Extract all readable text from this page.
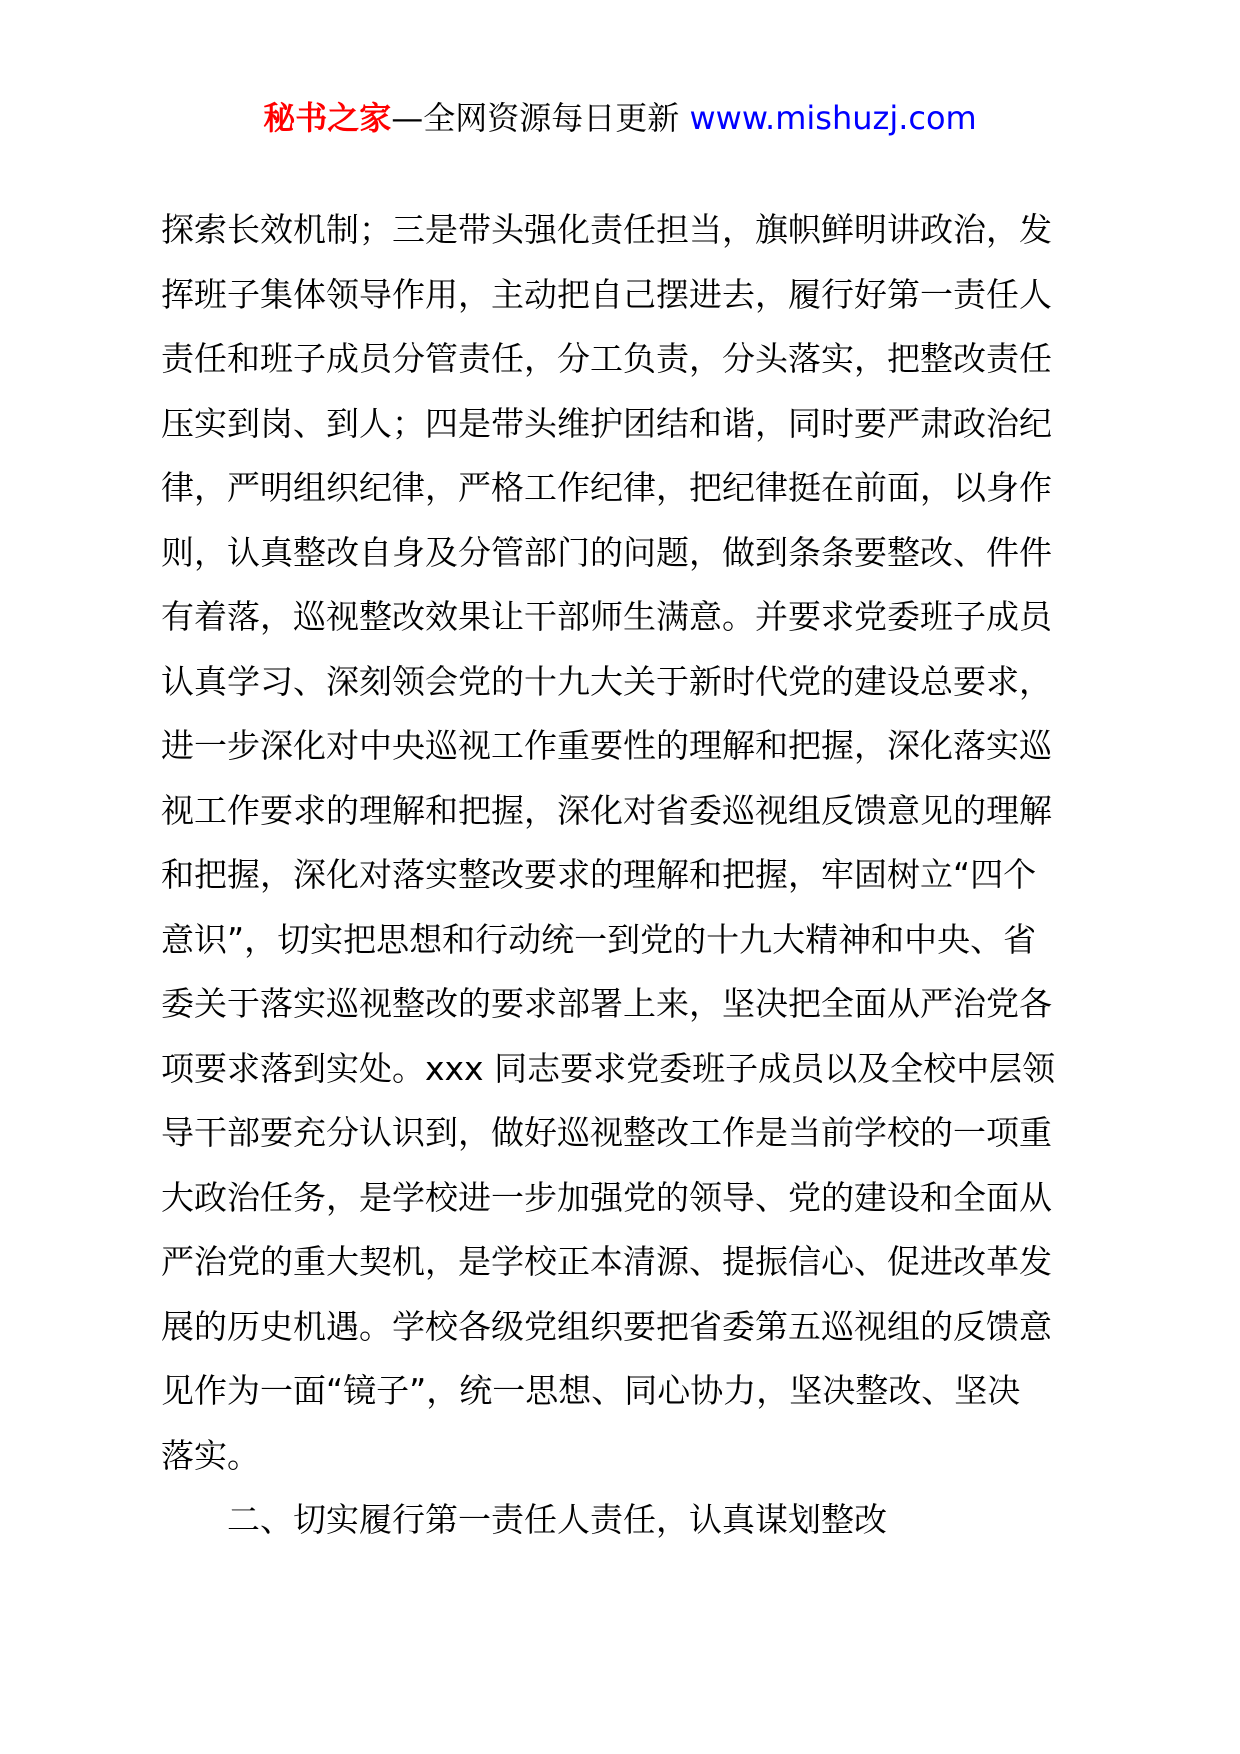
秘书之家—全网资源每日更新 www.mishuzj.com
探索长效机制；三是带头强化责任担当，旗帜鲜明讲政治，发
挥班子集体领导作用，主动把自己摆进去，履行好第一责任人
责任和班子成员分管责任，分工负责，分头落实，把整改责任
压实到岗、到人；四是带头维护团结和谐，同时要严肃政治纪
律，严明组织纪律，严格工作纪律，把纪律挺在前面，以身作
则，认真整改自身及分管部门的问题，做到条条要整改、件件
有着落，巡视整改效果让干部师生满意。并要求党委班子成员
认真学习、深刻领会党的十九大关于新时代党的建设总要求，
进一步深化对中央巡视工作重要性的理解和把握，深化落实巡
视工作要求的理解和把握，深化对省委巡视组反馈意见的理解
和把握，深化对落实整改要求的理解和把握，牢固树立“四个
意识”，切实把思想和行动统一到党的十九大精神和中央、省
委关于落实巡视整改的要求部署上来，坚决把全面从严治党各
项要求落到实处。xxx 同志要求党委班子成员以及全校中层领
导干部要充分认识到，做好巡视整改工作是当前学校的一项重
大政治任务，是学校进一步加强党的领导、党的建设和全面从
严治党的重大契机，是学校正本清源、提振信心、促进改革发
展的历史机遇。学校各级党组织要把省委第五巡视组的反馈意
见作为一面“镜子”，统一思想、同心协力，坚决整改、坚决
落实。
二、切实履行第一责任人责任，认真谋划整改
